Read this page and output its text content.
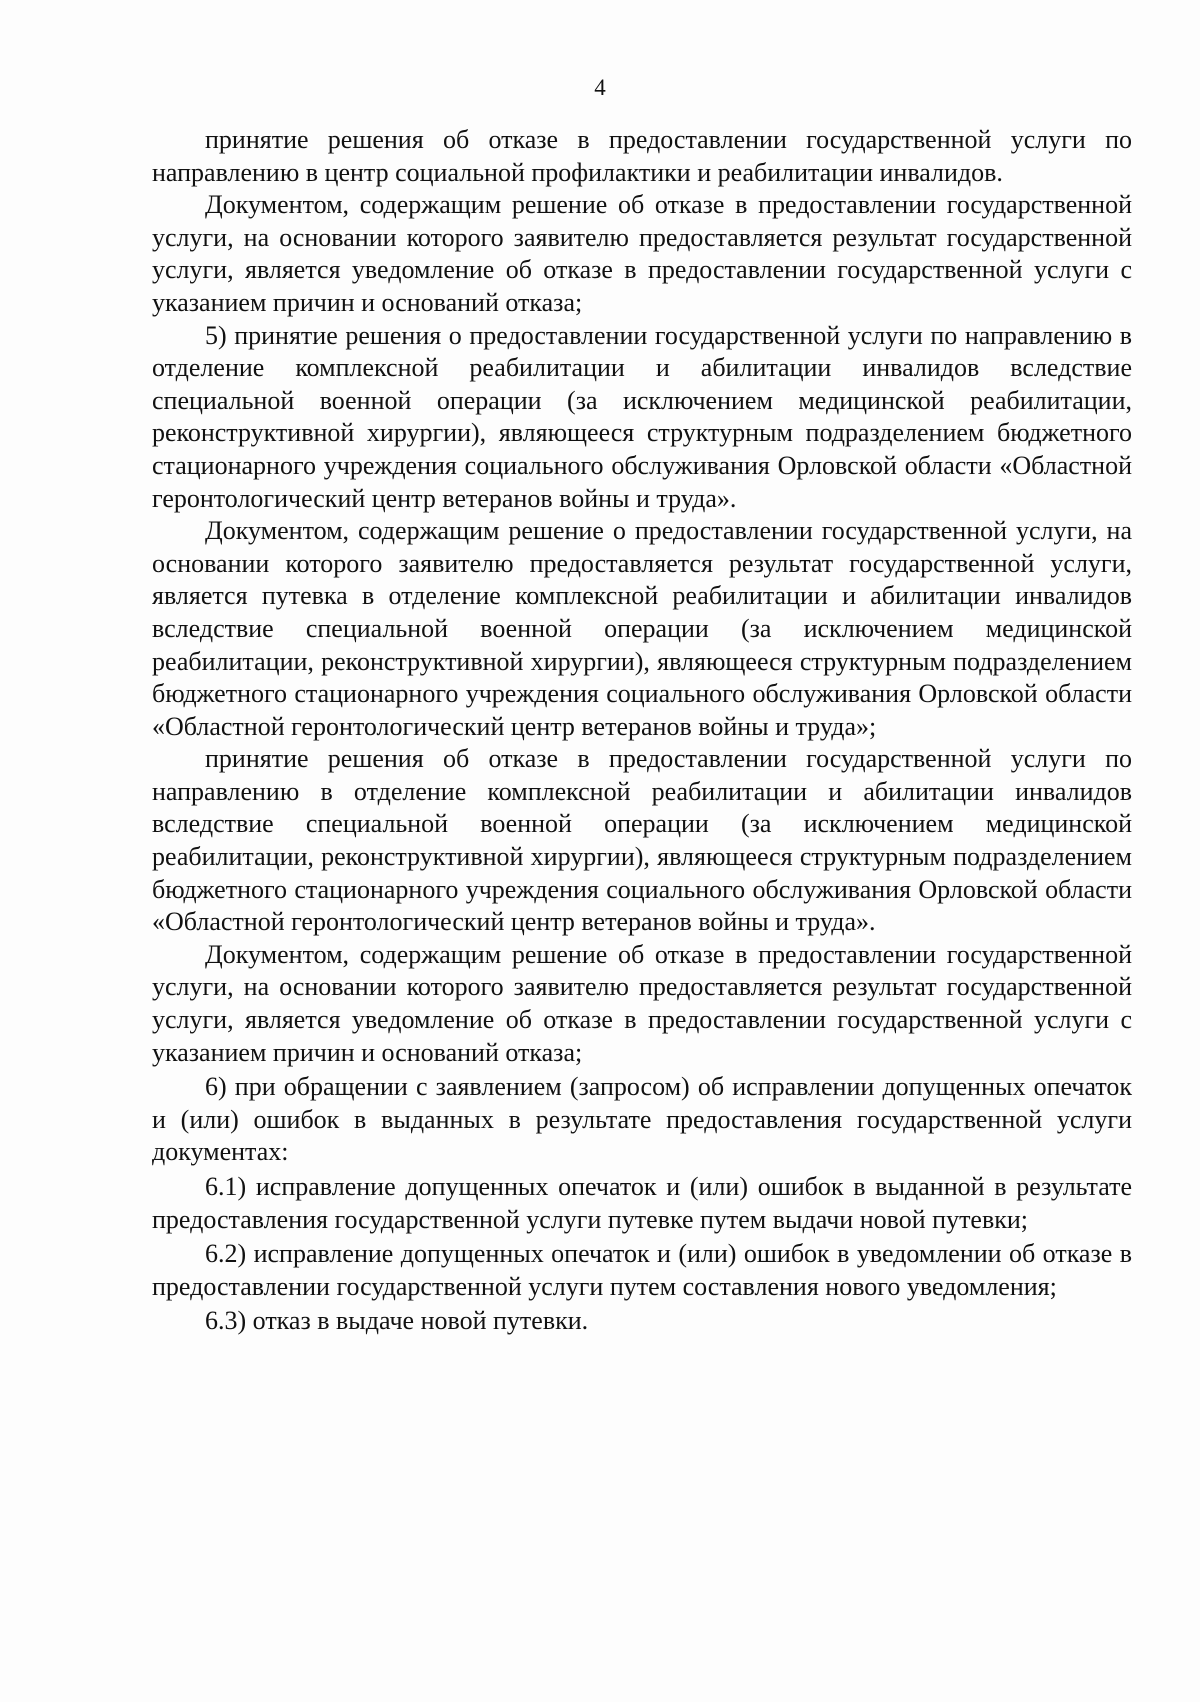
4

принятие решения об отказе в предоставлении государственной услуги по направлению в центр социальной профилактики и реабилитации инвалидов.

Документом, содержащим решение об отказе в предоставлении государственной услуги, на основании которого заявителю предоставляется результат государственной услуги, является уведомление об отказе в предоставлении государственной услуги с указанием причин и оснований отказа;

5) принятие решения о предоставлении государственной услуги по направлению в отделение комплексной реабилитации и абилитации инвалидов вследствие специальной военной операции (за исключением медицинской реабилитации, реконструктивной хирургии), являющееся структурным подразделением бюджетного стационарного учреждения социального обслуживания Орловской области «Областной геронтологический центр ветеранов войны и труда».

Документом, содержащим решение о предоставлении государственной услуги, на основании которого заявителю предоставляется результат государственной услуги, является путевка в отделение комплексной реабилитации и абилитации инвалидов вследствие специальной военной операции (за исключением медицинской реабилитации, реконструктивной хирургии), являющееся структурным подразделением бюджетного стационарного учреждения социального обслуживания Орловской области «Областной геронтологический центр ветеранов войны и труда»;

принятие решения об отказе в предоставлении государственной услуги по направлению в отделение комплексной реабилитации и абилитации инвалидов вследствие специальной военной операции (за исключением медицинской реабилитации, реконструктивной хирургии), являющееся структурным подразделением бюджетного стационарного учреждения социального обслуживания Орловской области «Областной геронтологический центр ветеранов войны и труда».

Документом, содержащим решение об отказе в предоставлении государственной услуги, на основании которого заявителю предоставляется результат государственной услуги, является уведомление об отказе в предоставлении государственной услуги с указанием причин и оснований отказа;

6) при обращении с заявлением (запросом) об исправлении допущенных опечаток и (или) ошибок в выданных в результате предоставления государственной услуги документах:

6.1) исправление допущенных опечаток и (или) ошибок в выданной в результате предоставления государственной услуги путевке путем выдачи новой путевки;

6.2) исправление допущенных опечаток и (или) ошибок в уведомлении об отказе в предоставлении государственной услуги путем составления нового уведомления;

6.3) отказ в выдаче новой путевки.
